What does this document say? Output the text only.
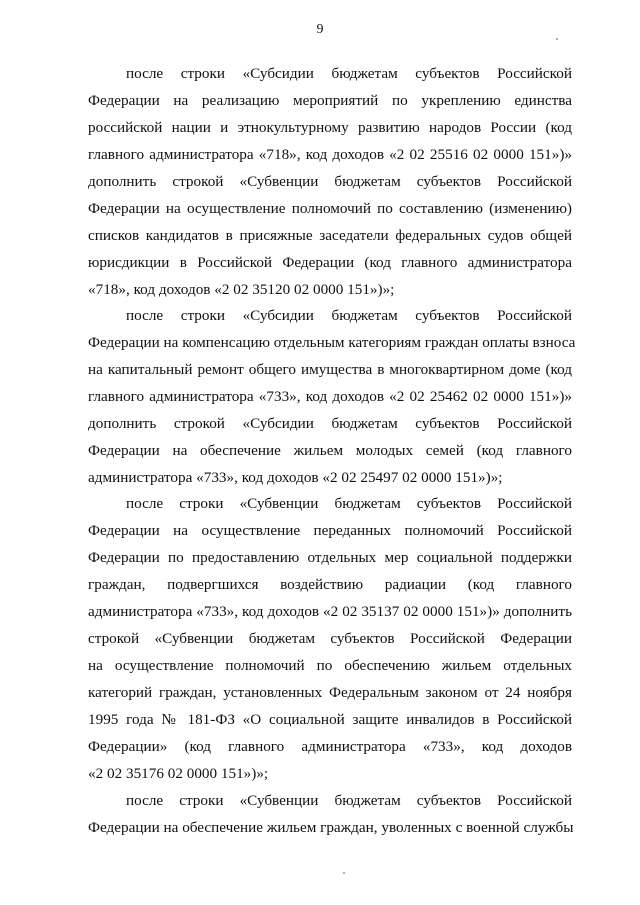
9
после строки «Субсидии бюджетам субъектов Российской
Федерации на реализацию мероприятий по укреплению единства
российской нации и этнокультурному развитию народов России (код
главного администратора «718», код доходов «2 02 25516 02 0000 151»)»
дополнить строкой «Субвенции бюджетам субъектов Российской
Федерации на осуществление полномочий по составлению (изменению)
списков кандидатов в присяжные заседатели федеральных судов общей
юрисдикции в Российской Федерации (код главного администратора
«718», код доходов «2 02 35120 02 0000 151»)»;
после строки «Субсидии бюджетам субъектов Российской
Федерации на компенсацию отдельным категориям граждан оплаты взноса
на капитальный ремонт общего имущества в многоквартирном доме (код
главного администратора «733», код доходов «2 02 25462 02 0000 151»)»
дополнить строкой «Субсидии бюджетам субъектов Российской
Федерации на обеспечение жильем молодых семей (код главного
администратора «733», код доходов «2 02 25497 02 0000 151»)»;
после строки «Субвенции бюджетам субъектов Российской
Федерации на осуществление переданных полномочий Российской
Федерации по предоставлению отдельных мер социальной поддержки
граждан, подвергшихся воздействию радиации (код главного
администратора «733», код доходов «2 02 35137 02 0000 151»)» дополнить
строкой «Субвенции бюджетам субъектов Российской Федерации
на осуществление полномочий по обеспечению жильем отдельных
категорий граждан, установленных Федеральным законом от 24 ноября
1995 года № 181-ФЗ «О социальной защите инвалидов в Российской
Федерации» (код главного администратора «733», код доходов
«2 02 35176 02 0000 151»)»;
после строки «Субвенции бюджетам субъектов Российской
Федерации на обеспечение жильем граждан, уволенных с военной службы
